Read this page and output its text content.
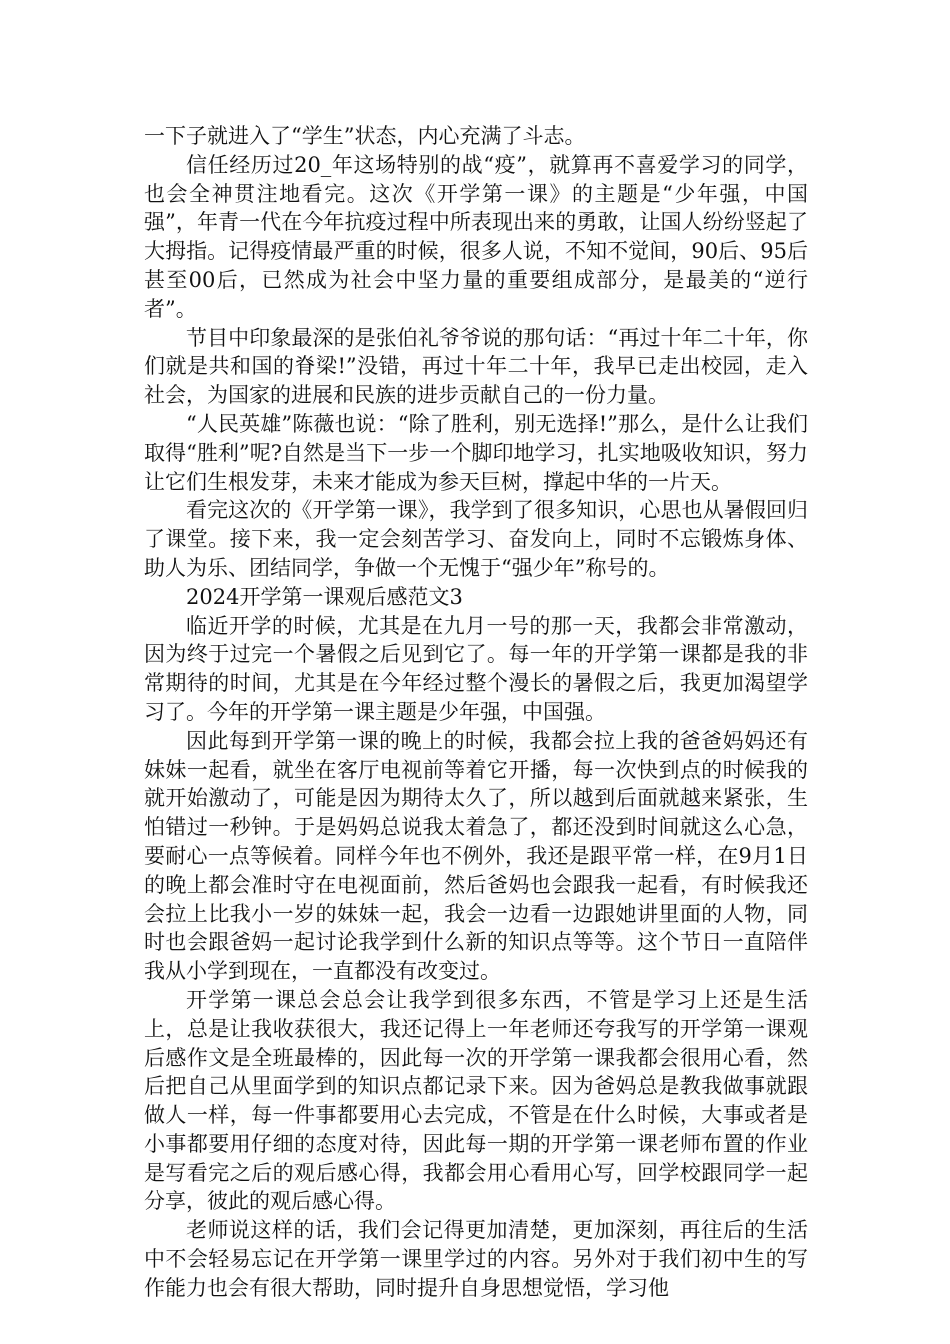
一下子就进入了“学生”状态，内心充满了斗志。

信任经历过20_年这场特别的战“疫”，就算再不喜爱学习的同学，也会全神贯注地看完。这次《开学第一课》的主题是“少年强，中国强”，年青一代在今年抗疫过程中所表现出来的勇敢，让国人纷纷竖起了大拇指。记得疫情最严重的时候，很多人说，不知不觉间，90后、95后甚至00后，已然成为社会中坚力量的重要组成部分，是最美的“逆行者”。

节目中印象最深的是张伯礼爷爷说的那句话：“再过十年二十年，你们就是共和国的脊梁!”没错，再过十年二十年，我早已走出校园，走入社会，为国家的进展和民族的进步贡献自己的一份力量。

“人民英雄”陈薇也说：“除了胜利，别无选择!”那么，是什么让我们取得“胜利”呢?自然是当下一步一个脚印地学习，扎实地吸收知识，努力让它们生根发芽，未来才能成为参天巨树，撑起中华的一片天。

看完这次的《开学第一课》，我学到了很多知识，心思也从暑假回归了课堂。接下来，我一定会刻苦学习、奋发向上，同时不忘锻炼身体、助人为乐、团结同学，争做一个无愧于“强少年”称号的。

2024开学第一课观后感范文3

临近开学的时候，尤其是在九月一号的那一天，我都会非常激动，因为终于过完一个暑假之后见到它了。每一年的开学第一课都是我的非常期待的时间，尤其是在今年经过整个漫长的暑假之后，我更加渴望学习了。今年的开学第一课主题是少年强，中国强。

因此每到开学第一课的晚上的时候，我都会拉上我的爸爸妈妈还有妹妹一起看，就坐在客厅电视前等着它开播，每一次快到点的时候我的就开始激动了，可能是因为期待太久了，所以越到后面就越来紧张，生怕错过一秒钟。于是妈妈总说我太着急了，都还没到时间就这么心急，要耐心一点等候着。同样今年也不例外，我还是跟平常一样，在9月1日的晚上都会准时守在电视面前，然后爸妈也会跟我一起看，有时候我还会拉上比我小一岁的妹妹一起，我会一边看一边跟她讲里面的人物，同时也会跟爸妈一起讨论我学到什么新的知识点等等。这个节日一直陪伴我从小学到现在，一直都没有改变过。

开学第一课总会总会让我学到很多东西，不管是学习上还是生活上，总是让我收获很大，我还记得上一年老师还夸我写的开学第一课观后感作文是全班最棒的，因此每一次的开学第一课我都会很用心看，然后把自己从里面学到的知识点都记录下来。因为爸妈总是教我做事就跟做人一样，每一件事都要用心去完成，不管是在什么时候，大事或者是小事都要用仔细的态度对待，因此每一期的开学第一课老师布置的作业是写看完之后的观后感心得，我都会用心看用心写，回学校跟同学一起分享，彼此的观后感心得。

老师说这样的话，我们会记得更加清楚，更加深刻，再往后的生活中不会轻易忘记在开学第一课里学过的内容。另外对于我们初中生的写作能力也会有很大帮助，同时提升自身思想觉悟，学习他
